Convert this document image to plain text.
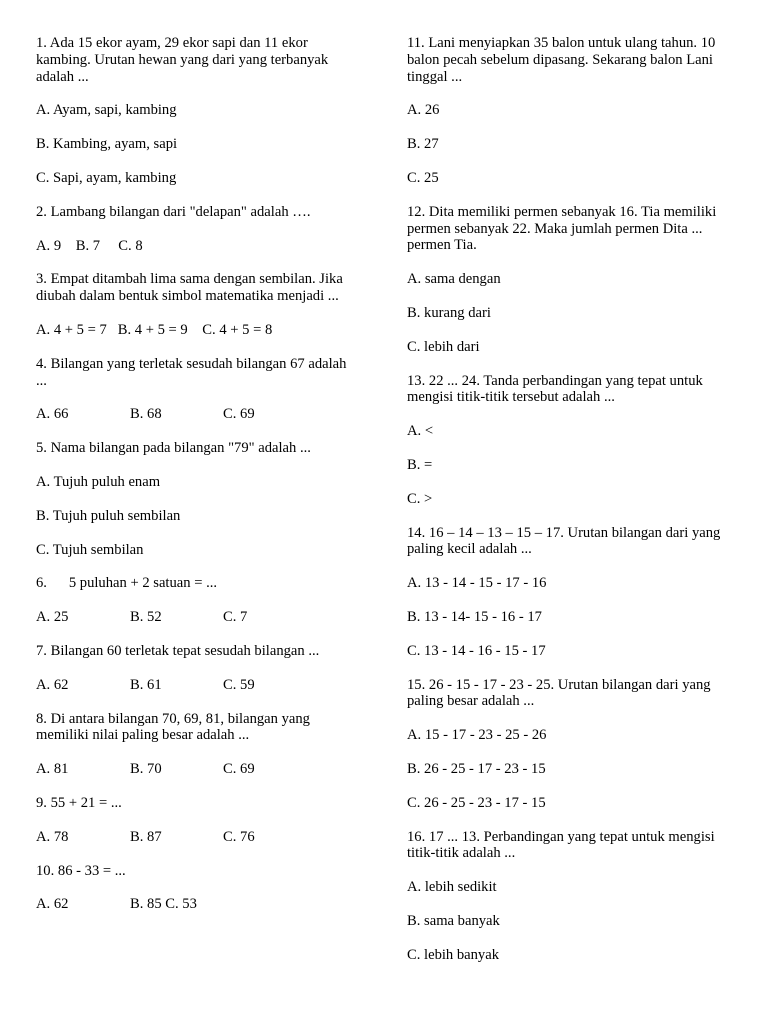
1. Ada 15 ekor ayam, 29 ekor sapi dan 11 ekor kambing. Urutan hewan yang dari yang terbanyak adalah ...
A. Ayam, sapi, kambing
B. Kambing, ayam, sapi
C. Sapi, ayam, kambing
2. Lambang bilangan dari "delapan" adalah ….
A. 9    B. 7     C. 8
3. Empat ditambah lima sama dengan sembilan. Jika diubah dalam bentuk simbol matematika menjadi ...
A. 4 + 5 = 7   B. 4 + 5 = 9    C. 4 + 5 = 8
4. Bilangan yang terletak sesudah bilangan 67 adalah ...
A. 66	B. 68	C. 69
5. Nama bilangan pada bilangan "79" adalah ...
A. Tujuh puluh enam
B. Tujuh puluh sembilan
C. Tujuh sembilan
6.      5 puluhan + 2 satuan = ...
A. 25	B. 52	C. 7
7. Bilangan 60 terletak tepat sesudah bilangan ...
A. 62	B. 61	C. 59
8. Di antara bilangan 70, 69, 81, bilangan yang memiliki nilai paling besar adalah ...
A. 81	B. 70	C. 69
9. 55 + 21 = ...
A. 78	B. 87	C. 76
10. 86 - 33 = ...
A. 62	B. 85 C. 53
11. Lani menyiapkan 35 balon untuk ulang tahun. 10 balon pecah sebelum dipasang. Sekarang balon Lani tinggal ...
A. 26
B. 27
C. 25
12. Dita memiliki permen sebanyak 16. Tia memiliki permen sebanyak 22. Maka jumlah permen Dita ... permen Tia.
A. sama dengan
B. kurang dari
C. lebih dari
13. 22 ... 24. Tanda perbandingan yang tepat untuk mengisi titik-titik tersebut adalah ...
A. <
B. =
C. >
14. 16 – 14 – 13 – 15 – 17. Urutan bilangan dari yang paling kecil adalah ...
A. 13 - 14 - 15 - 17 - 16
B. 13 - 14- 15 - 16 - 17
C. 13 - 14 - 16 - 15 - 17
15. 26 - 15 - 17 - 23 - 25. Urutan bilangan dari yang paling besar adalah ...
A. 15 - 17 - 23 - 25 - 26
B. 26 - 25 - 17 - 23 - 15
C. 26 - 25 - 23 - 17 - 15
16. 17 ... 13. Perbandingan yang tepat untuk mengisi titik-titik adalah ...
A. lebih sedikit
B. sama banyak
C. lebih banyak
